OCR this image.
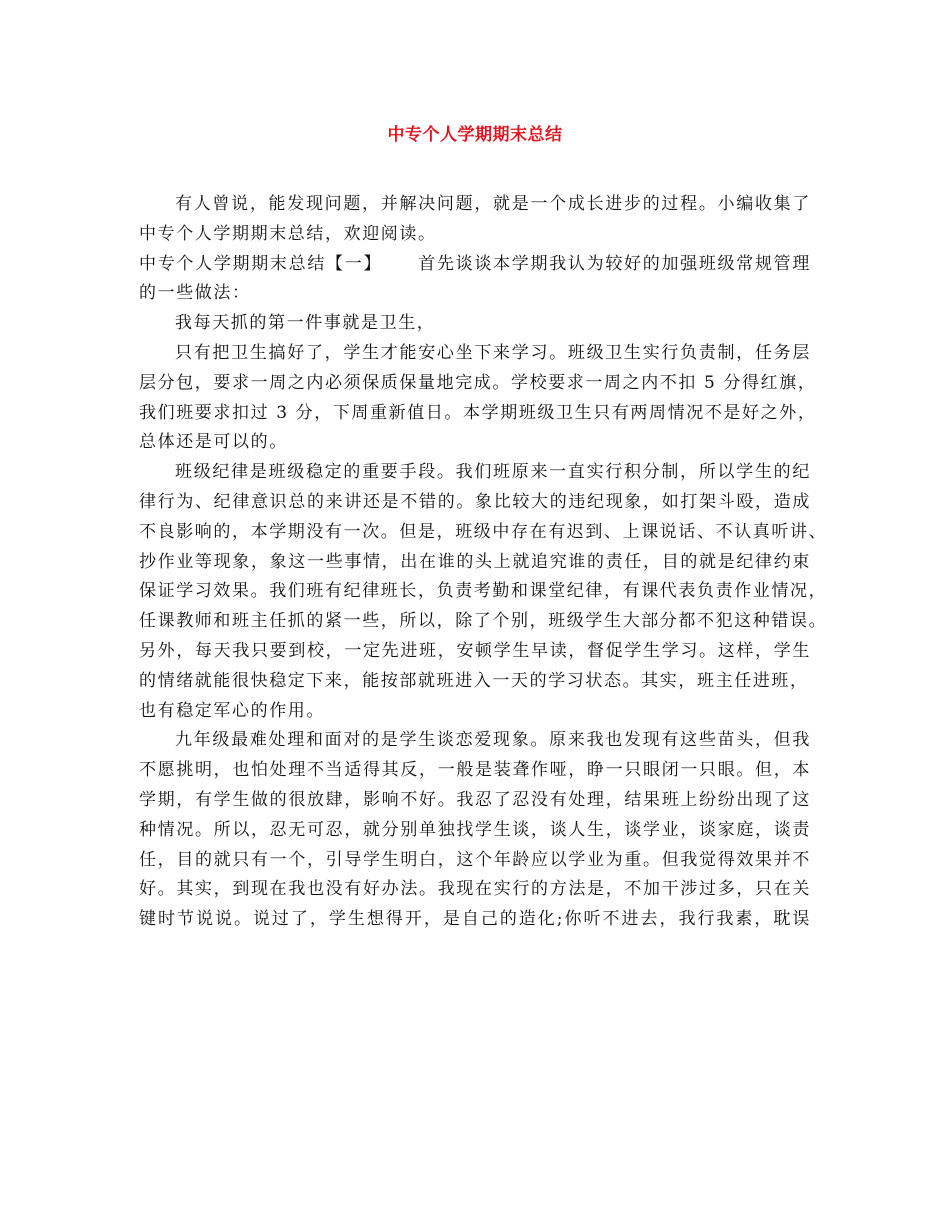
中专个人学期期末总结
有人曾说，能发现问题，并解决问题，就是一个成长进步的过程。小编收集了
中专个人学期期末总结，欢迎阅读。
中专个人学期期末总结【一】 首先谈谈本学期我认为较好的加强班级常规管理
的一些做法：
我每天抓的第一件事就是卫生，
只有把卫生搞好了，学生才能安心坐下来学习。班级卫生实行负责制，任务层
层分包，要求一周之内必须保质保量地完成。学校要求一周之内不扣 5 分得红旗，
我们班要求扣过 3 分，下周重新值日。本学期班级卫生只有两周情况不是好之外，
总体还是可以的。
班级纪律是班级稳定的重要手段。我们班原来一直实行积分制，所以学生的纪
律行为、纪律意识总的来讲还是不错的。象比较大的违纪现象，如打架斗殴，造成
不良影响的，本学期没有一次。但是，班级中存在有迟到、上课说话、不认真听讲、
抄作业等现象，象这一些事情，出在谁的头上就追究谁的责任，目的就是纪律约束
保证学习效果。我们班有纪律班长，负责考勤和课堂纪律，有课代表负责作业情况，
任课教师和班主任抓的紧一些，所以，除了个别，班级学生大部分都不犯这种错误。
另外，每天我只要到校，一定先进班，安顿学生早读，督促学生学习。这样，学生
的情绪就能很快稳定下来，能按部就班进入一天的学习状态。其实，班主任进班，
也有稳定军心的作用。
九年级最难处理和面对的是学生谈恋爱现象。原来我也发现有这些苗头，但我
不愿挑明，也怕处理不当适得其反，一般是装聋作哑，睁一只眼闭一只眼。但，本
学期，有学生做的很放肆，影响不好。我忍了忍没有处理，结果班上纷纷出现了这
种情况。所以，忍无可忍，就分别单独找学生谈，谈人生，谈学业，谈家庭，谈责
任，目的就只有一个，引导学生明白，这个年龄应以学业为重。但我觉得效果并不
好。其实，到现在我也没有好办法。我现在实行的方法是，不加干涉过多，只在关
键时节说说。说过了，学生想得开，是自己的造化;你听不进去，我行我素，耽误
